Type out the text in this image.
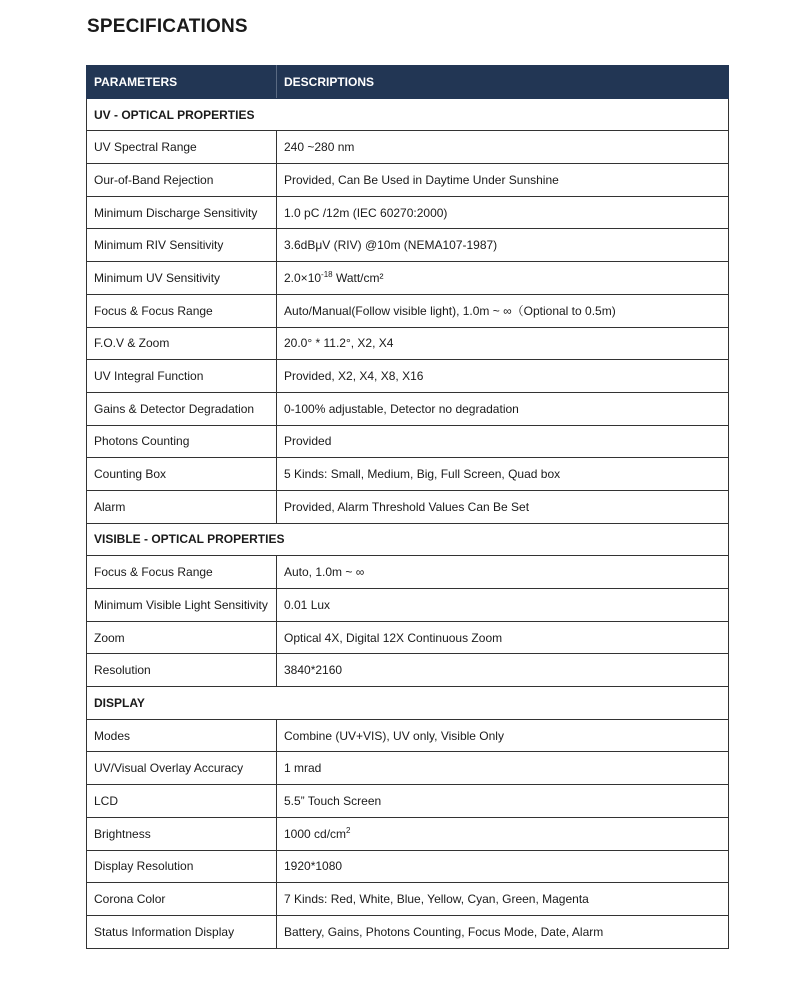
SPECIFICATIONS
PARAMETERS	DESCRIPTIONS
UV - OPTICAL PROPERTIES	
UV Spectral Range	240 ~280 nm
Our-of-Band Rejection	Provided, Can Be Used in Daytime Under Sunshine
Minimum Discharge Sensitivity	1.0 pC /12m (IEC 60270:2000)
Minimum RIV Sensitivity	3.6dBμV (RIV) @10m (NEMA107-1987)
Minimum UV Sensitivity	$2.0\times 10^{-18}$ Watt/cm²
Focus & Focus Range	Auto/Manual(Follow visible light), 1.0m ~ ∞（Optional to 0.5m)
F.O.V & Zoom	20.0° * 11.2°, X2, X4
UV Integral Function	Provided, X2, X4, X8, X16
Gains & Detector Degradation	0-100% adjustable, Detector no degradation
Photons Counting	Provided
Counting Box	5 Kinds: Small, Medium, Big, Full Screen, Quad box
Alarm	Provided, Alarm Threshold Values Can Be Set
VISIBLE - OPTICAL PROPERTIES	
Focus & Focus Range	Auto, 1.0m ~ ∞
Minimum Visible Light Sensitivity	0.01 Lux
Zoom	Optical 4X, Digital 12X Continuous Zoom
Resolution	3840*2160
DISPLAY	
Modes	Combine (UV+VIS), UV only, Visible Only
UV/Visual Overlay Accuracy	1 mrad
LCD	5.5” Touch Screen
Brightness	1000 $cd/cm^2$
Display Resolution	1920*1080
Corona Color	7 Kinds: Red, White, Blue, Yellow, Cyan, Green, Magenta
Status Information Display	Battery, Gains, Photons Counting, Focus Mode, Date, Alarm
